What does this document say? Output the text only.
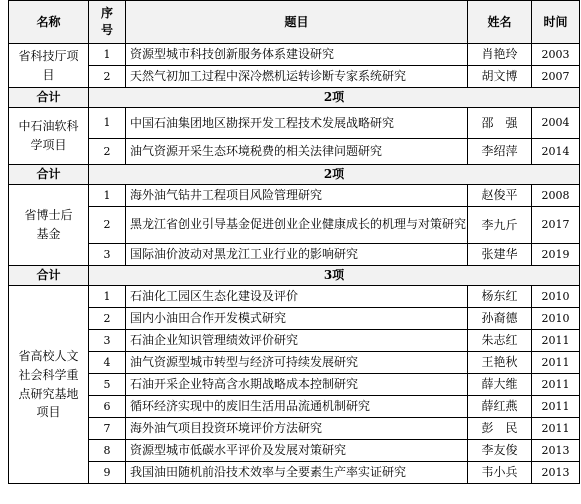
名称	序号	题目	姓名	时间
省科技厅项目	1	资源型城市科技创新服务体系建设研究	肖艳玲	2003
	2	天然气初加工过程中深冷燃机运转诊断专家系统研究	胡文博	2007
合计	2项			
中石油软科学项目	1	中国石油集团地区勘探开发工程技术发展战略研究	邵　强	2004
	2	油气资源开采生态环境税费的相关法律问题研究	李绍萍	2014
合计	2项			
省博士后基金	1	海外油气钻井工程项目风险管理研究	赵俊平	2008
	2	黑龙江省创业引导基金促进创业企业健康成长的机理与对策研究	李九斤	2017
	3	国际油价波动对黑龙江工业行业的影响研究	张建华	2019
合计	3项			
省高校人文社会科学重点研究基地项目	1	石油化工园区生态化建设及评价	杨东红	2010
	2	国内小油田合作开发模式研究	孙裔德	2010
	3	石油企业知识管理绩效评价研究	朱志红	2011
	4	油气资源型城市转型与经济可持续发展研究	王艳秋	2011
	5	石油开采企业特高含水期战略成本控制研究	薛大维	2011
	6	循环经济实现中的废旧生活用品流通机制研究	薛红燕	2011
	7	海外油气项目投资环境评价方法研究	彭　民	2011
	8	资源型城市低碳水平评价及发展对策研究	李友俊	2013
	9	我国油田随机前沿技术效率与全要素生产率实证研究	韦小兵	2013
